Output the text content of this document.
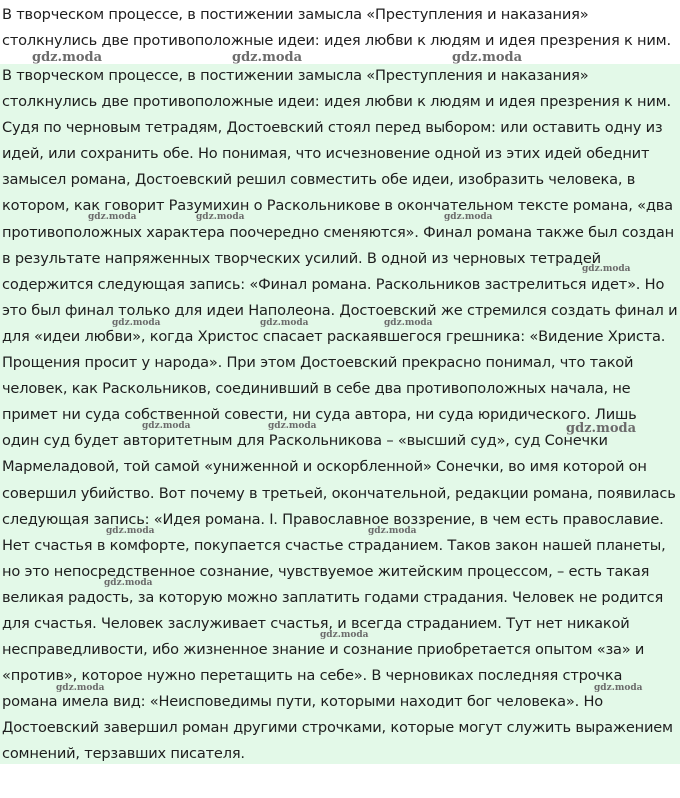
В творческом процессе, в постижении замысла «Преступления и наказания» столкнулись две противоположные идеи: идея любви к людям и идея презрения к ним.

gdz.moda	gdz.moda	gdz.moda

В творческом процессе, в постижении замысла «Преступления и наказания» столкнулись две противоположные идеи: идея любви к людям и идея презрения к ним. Судя по черновым тетрадям, Достоевский стоял перед выбором: или оставить одну из идей, или сохранить обе. Но понимая, что исчезновение одной из этих идей обеднит замысел романа, Достоевский решил совместить обе идеи, изобразить человека, в котором, как говорит Разумихин о Раскольникове в окончательном тексте романа, «два противоположных характера поочередно сменяются». Финал романа также был создан в результате напряженных творческих усилий. В одной из черновых тетрадей содержится следующая запись: «Финал романа. Раскольников застрелиться идет». Но это был финал только для идеи Наполеона. Достоевский же стремился создать финал и для «идеи любви», когда Христос спасает раскаявшегося грешника: «Видение Христа. Прощения просит у народа». При этом Достоевский прекрасно понимал, что такой человек, как Раскольников, соединивший в себе два противоположных начала, не примет ни суда собственной совести, ни суда автора, ни суда юридического. Лишь один суд будет авторитетным для Раскольникова – «высший суд», суд Сонечки Мармеладовой, той самой «униженной и оскорбленной» Сонечки, во имя которой он совершил убийство. Вот почему в третьей, окончательной, редакции романа, появилась следующая запись: «Идея романа. I. Православное воззрение, в чем есть православие. Нет счастья в комфорте, покупается счастье страданием. Таков закон нашей планеты, но это непосредственное сознание, чувствуемое житейским процессом, – есть такая великая радость, за которую можно заплатить годами страдания. Человек не родится для счастья. Человек заслуживает счастья, и всегда страданием. Тут нет никакой несправедливости, ибо жизненное знание и сознание приобретается опытом «за» и «против», которое нужно перетащить на себе». В черновиках последняя строчка романа имела вид: «Неисповедимы пути, которыми находит бог человека». Но Достоевский завершил роман другими строчками, которые могут служить выражением сомнений, терзавших писателя.

gdz.moda	gdz.moda	gdz.moda
gdz.moda
gdz.moda	gdz.moda	gdz.moda
gdz.moda	gdz.moda	gdz.moda
gdz.moda	gdz.moda
gdz.moda
gdz.moda
gdz.moda	gdz.moda
